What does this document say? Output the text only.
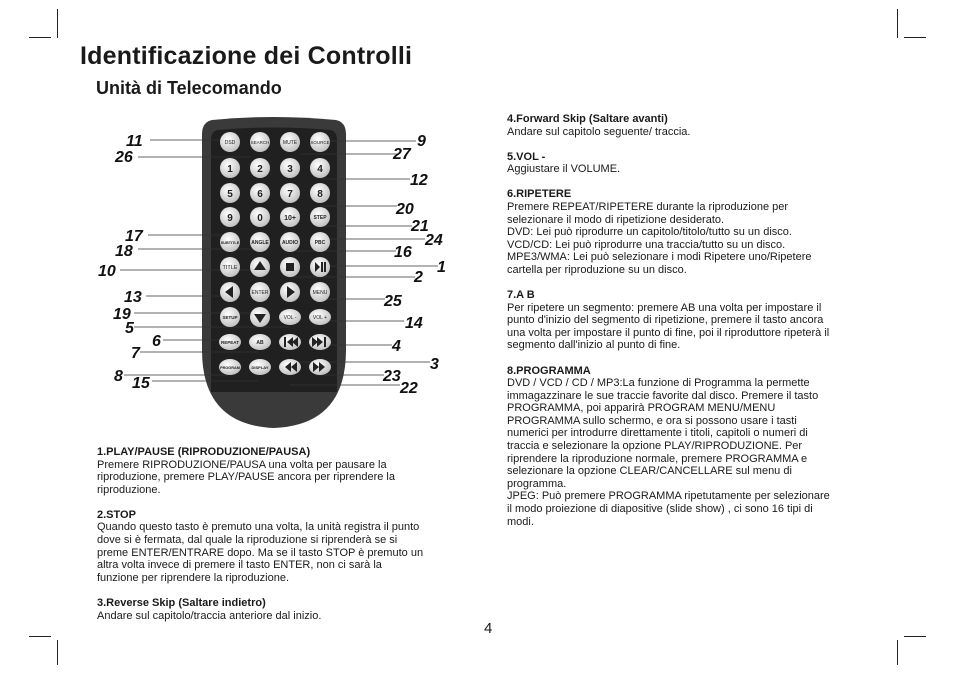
Identificazione dei Controlli
Unità di Telecomando
DSD	SEARCH	MUTE	SOURCE
1 2 3 4
5 6 7 8
9 0	10+	STEP
SUBTITLE ANGLE	AUDIO	PBC
TITLE
ENTER	MENU
SETUP	VOL -	VOL +
REPEAT	AB
PROGRAM	DISPLAY
11
26
9
27
12
20
21
24
17
18	16
1
10	2
13	25
19
5	14
6	4
7
3
8	23
15	22
1.PLAY/PAUSE (RIPRODUZIONE/PAUSA)

Premere RIPRODUZIONE/PAUSA una volta per pausare la

riproduzione, premere PLAY/PAUSE ancora per riprendere la

riproduzione.

2.STOP

Quando questo tasto è premuto una volta, la unità registra il punto

dove si è fermata, dal quale la riproduzione si riprenderà se si

preme ENTER/ENTRARE dopo. Ma se il tasto STOP è premuto un

altra volta invece di premere il tasto ENTER, non ci sarà la

funzione per riprendere la riproduzione.

3.Reverse Skip (Saltare indietro)

Andare sul capitolo/traccia anteriore dal inizio.

4.Forward Skip (Saltare avanti)

Andare sul capitolo seguente/ traccia.

5.VOL -

Aggiustare il VOLUME.

6.RIPETERE

Premere REPEAT/RIPETERE durante la riproduzione per

selezionare il modo di ripetizione desiderato.

DVD: Lei può riprodurre un capitolo/titolo/tutto su un disco.

VCD/CD: Lei può riprodurre una traccia/tutto su un disco.

MPE3/WMA: Lei può selezionare i modi Ripetere uno/Ripetere

cartella per riproduzione su un disco.

7.A B

Per ripetere un segmento: premere AB una volta per impostare il

punto d'inizio del segmento di ripetizione, premere il tasto ancora

una volta per impostare il punto di fine, poi il riproduttore ripeterà il

segmento dall'inizio al punto di fine.

8.PROGRAMMA

DVD / VCD / CD / MP3:La funzione di Programma la permette

immagazzinare le sue traccie favorite dal disco. Premere il tasto

PROGRAMMA, poi apparirà PROGRAM MENU/MENU

PROGRAMMA sullo schermo, e ora si possono usare i tasti

numerici per introdurre direttamente i titoli, capitoli o numeri di

traccia e selezionare la opzione PLAY/RIPRODUZIONE. Per

riprendere la riproduzione normale, premere PROGRAMMA e

selezionare la opzione CLEAR/CANCELLARE sul menu di

programma.

JPEG: Può premere PROGRAMMA ripetutamente per selezionare

il modo proiezione di diapositive (slide show) , ci sono 16 tipi di

modi.

4
